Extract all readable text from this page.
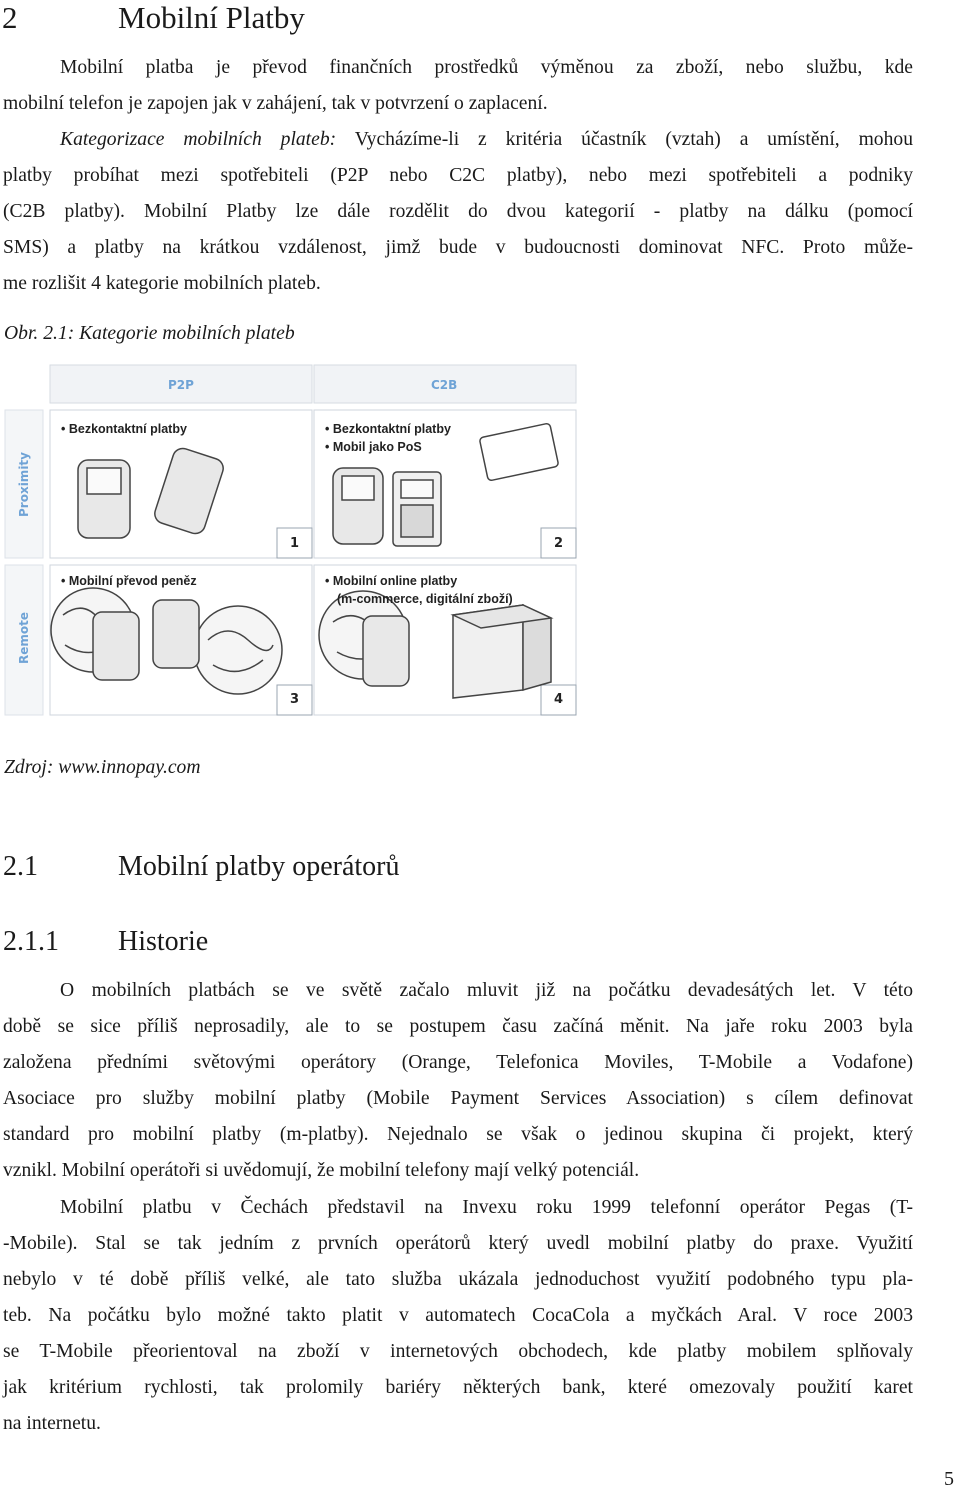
2	Mobilní Platby
Mobilní platba je převod finančních prostředků výměnou za zboží, nebo službu, kde
mobilní telefon je zapojen jak v zahájení, tak v potvrzení o zaplacení.
Kategorizace mobilních plateb: Vycházíme-li z kritéria účastník (vztah) a umístění, mohou
platby probíhat mezi spotřebiteli (P2P nebo C2C platby), nebo mezi spotřebiteli a podniky
(C2B platby). Mobilní Platby lze dále rozdělit do dvou kategorií - platby na dálku (pomocí
SMS) a platby na krátkou vzdálenost, jimž bude v budoucnosti dominovat NFC. Proto může-
me rozlišit 4 kategorie mobilních plateb.
Obr. 2.1: Kategorie mobilních plateb
P2P	C2B
Proximity
Remote
• Bezkontaktní platby	• Bezkontaktní platby
• Mobil jako PoS
• Mobilní převod peněz	• Mobilní online platby
(m-commerce, digitální zboží)
1	2
3	4
Zdroj: www.innopay.com
2.1	Mobilní platby operátorů
2.1.1 Historie
O mobilních platbách se ve světě začalo mluvit již na počátku devadesátých let. V této
době se sice příliš neprosadily, ale to se postupem času začíná měnit. Na jaře roku 2003 byla
založena předními světovými operátory (Orange, Telefonica Moviles, T-Mobile a Vodafone)
Asociace pro služby mobilní platby (Mobile Payment Services Association) s cílem definovat
standard pro mobilní platby (m-platby). Nejednalo se však o jedinou skupina či projekt, který
vznikl. Mobilní operátoři si uvědomují, že mobilní telefony mají velký potenciál.
Mobilní platbu v Čechách představil na Invexu roku 1999 telefonní operátor Pegas (T-
-Mobile). Stal se tak jedním z prvních operátorů který uvedl mobilní platby do praxe. Využití
nebylo v té době příliš velké, ale tato služba ukázala jednoduchost využití podobného typu pla-
teb. Na počátku bylo možné takto platit v automatech CocaCola a myčkách Aral. V roce 2003
se T-Mobile přeorientoval na zboží v internetových obchodech, kde platby mobilem splňovaly
jak kritérium rychlosti, tak prolomily bariéry některých bank, které omezovaly použití karet
na internetu.
5
